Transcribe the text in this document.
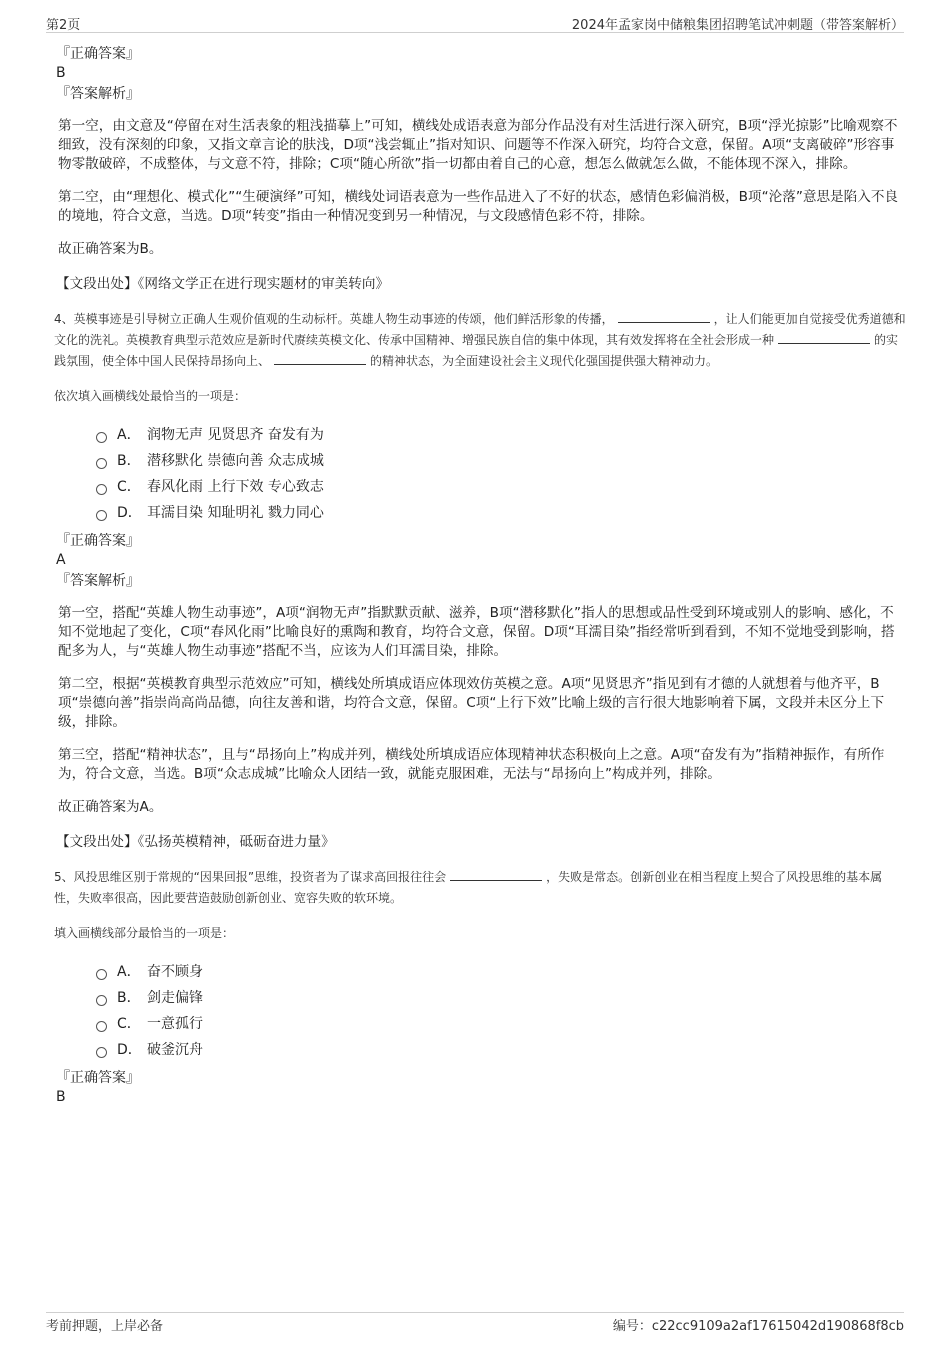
第2页	2024年孟家岗中储粮集团招聘笔试冲刺题（带答案解析）
『正确答案』
B
『答案解析』

第一空，由文意及“停留在对生活表象的粗浅描摹上”可知，横线处成语表意为部分作品没有对生活进行深入研究，B项“浮光掠影”比喻观察不细致，没有深刻的印象，又指文章言论的肤浅，D项“浅尝辄止”指对知识、问题等不作深入研究，均符合文意，保留。A项“支离破碎”形容事物零散破碎，不成整体，与文意不符，排除；C项“随心所欲”指一切都由着自己的心意，想怎么做就怎么做，不能体现不深入，排除。

第二空，由“理想化、模式化”“生硬演绎”可知，横线处词语表意为一些作品进入了不好的状态，感情色彩偏消极，B项“沦落”意思是陷入不良的境地，符合文意，当选。D项“转变”指由一种情况变到另一种情况，与文段感情色彩不符，排除。

故正确答案为B。

【文段出处】《网络文学正在进行现实题材的审美转向》
4、英模事迹是引导树立正确人生观价值观的生动标杆。英雄人物生动事迹的传颂，他们鲜活形象的传播，	，让人们能更加自觉接受优秀道德和文化的洗礼。英模教育典型示范效应是新时代赓续英模文化、传承中国精神、增强民族自信的集中体现，其有效发挥将在全社会形成一种	的实践氛围，使全体中国人民保持昂扬向上、	的精神状态，为全面建设社会主义现代化强国提供强大精神动力。
依次填入画横线处最恰当的一项是：
A． 润物无声 见贤思齐 奋发有为
B． 潜移默化 崇德向善 众志成城
C． 春风化雨 上行下效 专心致志
D． 耳濡目染 知耻明礼 戮力同心
『正确答案』
A
『答案解析』

第一空，搭配“英雄人物生动事迹”，A项“润物无声”指默默贡献、滋养，B项“潜移默化”指人的思想或品性受到环境或别人的影响、感化，不知不觉地起了变化，C项“春风化雨”比喻良好的熏陶和教育，均符合文意，保留。D项“耳濡目染”指经常听到看到，不知不觉地受到影响，搭配多为人，与“英雄人物生动事迹”搭配不当，应该为人们耳濡目染，排除。

第二空，根据“英模教育典型示范效应”可知，横线处所填成语应体现效仿英模之意。A项“见贤思齐”指见到有才德的人就想着与他齐平，B项“崇德向善”指崇尚高尚品德，向往友善和谐，均符合文意，保留。C项“上行下效”比喻上级的言行很大地影响着下属，文段并未区分上下级，排除。

第三空，搭配“精神状态”，且与“昂扬向上”构成并列，横线处所填成语应体现精神状态积极向上之意。A项“奋发有为”指精神振作，有所作为，符合文意，当选。B项“众志成城”比喻众人团结一致，就能克服困难，无法与“昂扬向上”构成并列，排除。

故正确答案为A。

【文段出处】《弘扬英模精神，砥砺奋进力量》
5、风投思维区别于常规的“因果回报”思维，投资者为了谋求高回报往往会	，失败是常态。创新创业在相当程度上契合了风投思维的基本属性，失败率很高，因此要营造鼓励创新创业、宽容失败的软环境。
填入画横线部分最恰当的一项是：
A． 奋不顾身
B． 剑走偏锋
C． 一意孤行
D． 破釜沉舟
『正确答案』
B
考前押题，上岸必备	编号：c22cc9109a2af17615042d190868f8cb
